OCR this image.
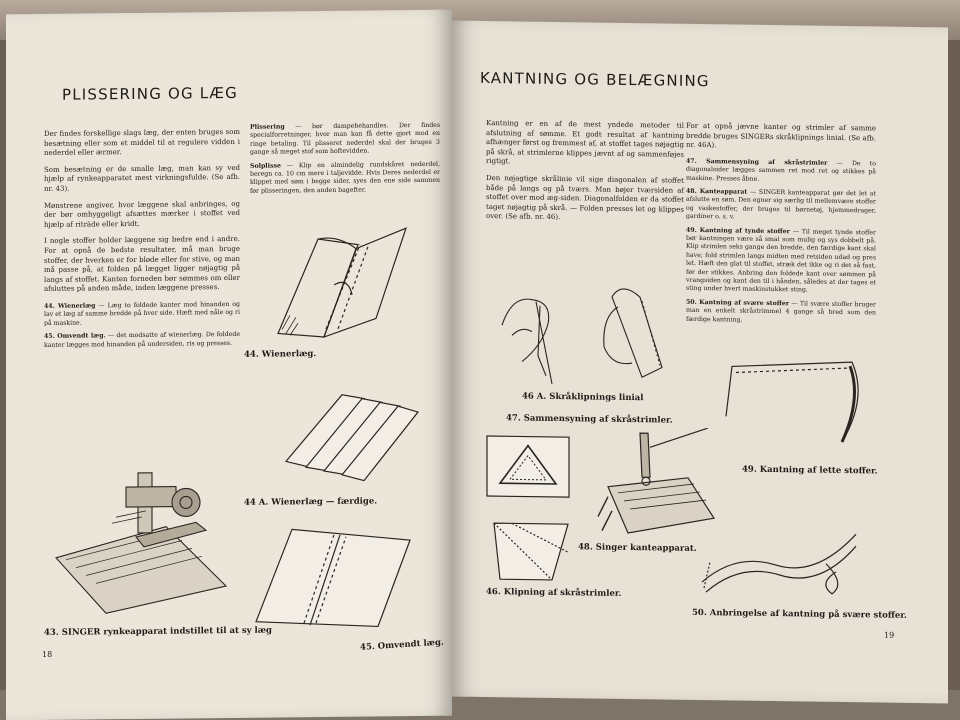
PLISSERING OG LÆG

Der findes forskellige slags læg, der enten bruges som besætning eller som et middel til at regulere vidden i nederdel eller ærmer.

Som besætning er de smalle læg, man kan sy ved hjælp af rynkeapparatet mest virkningsfulde. (Se afb. nr. 43).

Mønstrene angiver, hvor læggene skal anbringes, og der bør omhyggeligt afsættes mærker i stoffet ved hjælp af riträde eller kridt.

I nogle stoffer holder læggene sig bedre end i andre. For at opnå de bedste resultater, må man bruge stoffer, der hverken er for bløde eller for stive, og man må passe på, at folden på lægget ligger nøjagtig på langs af stoffet. Kanten forneden bør sømmes om eller afsluttes på anden måde, inden læggene presses.

44. Wienerlæg — Læg to foldede kanter mod hinanden og lav et læg af samme bredde på hver side. Hæft med nåle og ri på maskine.

45. Omvendt læg. — det modsatte af wienerlæg. De foldede kanter lægges mod hinanden på undersiden, ris og presses.

Plissering — bør dampebehandles. Der findes specialforretninger, hvor man kan få dette gjort mod en ringe betaling. Til plisseret nederdel skal der bruges 3 gange så meget stof som hoftevidden.

Solplisse — Klip en almindelig rundskåret nederdel, beregn ca. 10 cm mere i taljevidde. Hvis Deres nederdel er klippet med søm i begge sider, syes den ene side sammen før plisseringen, den anden bagefter.

44. Wienerlæg.
44 A. Wienerlæg — færdige.
43. SINGER rynkeapparat indstillet til at sy læg
45. Omvendt læg.
18
KANTNING OG BELÆGNING

Kantning er en af de mest yndede metoder til afslutning af sømme. Et godt resultat af kantning afhænger først og fremmest af, at stoffet tages nøjagtig på skrå, at strimlerne klippes jævnt af og sammenføjes rigtigt.

Den nøjagtige skrålinie vil sige diagonalen af stoffet både på langs og på tværs. Man bøjer tværsiden af stoffet over mod æg-siden. Diagonalfolden er da stoffet taget nøjagtig på skrå. — Folden presses let og klippes over. (Se afb. nr. 46).

For at opnå jævne kanter og strimler af samme bredde bruges SINGERs skråklipnings linial. (Se afb. nr. 46A).

47. Sammensyning af skråstrimler — De to diagonalsider lægges sammen ret mod ret og stikkes på maskine. Presses åbne.

48. Kanteapparat — SINGER kanteapparat gør det let at afslutte en søm. Den egner sig særlig til mellemvære stoffer og vaskestoffer, der bruges til børnetøj, hjemmedrager, gardiner o. s. v.

49. Kantning af tynde stoffer — Til meget tynde stoffer bør kantningen være så smal som mulig og sys dobbelt på. Klip strimlen seks gange den bredde, den færdige kant skal have; fold strimlen langs midten med retsiden udad og pres let. Hæft den glat til stoffet, stræk det ikke og ri det så fast, før der stikkes. Anbring den foldede kant over sømmen på vrangsiden og kant den til i hånden, således at der tages et sting under hvert maskinstukket sting.

50. Kantning af svære stoffer — Til svære stoffer bruger man en enkelt skråstrimmel 4 gange så bred som den færdige kantning.

46 A. Skråklipnings linial
47. Sammensyning af skråstrimler.
48. Singer kanteapparat.
49. Kantning af lette stoffer.
46. Klipning af skråstrimler.
50. Anbringelse af kantning på svære stoffer.
19
